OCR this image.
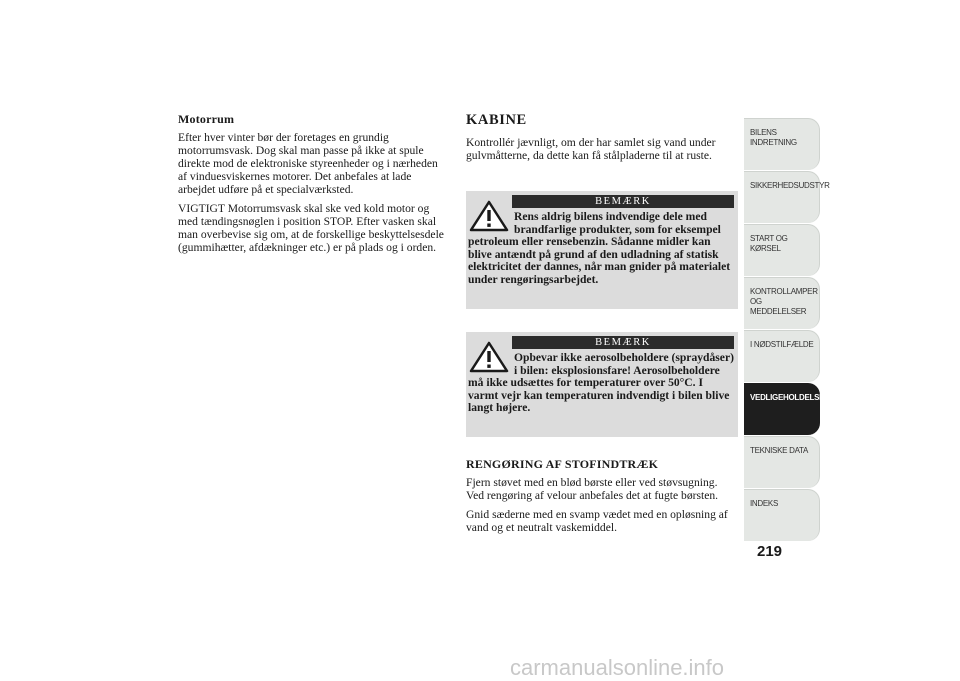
Motorrum

Efter hver vinter bør der foretages en grundig motorrumsvask. Dog skal man passe på ikke at spule direkte mod de elektroniske styreenheder og i nærheden af vinduesviskernes motorer. Det anbefales at lade arbejdet udføre på et specialværksted.

VIGTIGT Motorrumsvask skal ske ved kold motor og med tændingsnøglen i position STOP. Efter vasken skal man overbevise sig om, at de forskellige beskyttelsesdele (gummihætter, afdækninger etc.) er på plads og i orden.

KABINE

Kontrollér jævnligt, om der har samlet sig vand under gulvmåtterne, da dette kan få stålpladerne til at ruste.

BEMÆRK
Rens aldrig bilens indvendige dele med brandfarlige produkter, som for eksempel petroleum eller rensebenzin. Sådanne midler kan blive antændt på grund af den udladning af statisk elektricitet der dannes, når man gnider på materialet under rengøringsarbejdet.
BEMÆRK
Opbevar ikke aerosolbeholdere (spraydåser) i bilen: eksplosionsfare! Aerosolbeholdere må ikke udsættes for temperaturer over 50°C. I varmt vejr kan temperaturen indvendigt i bilen blive langt højere.
RENGØRING AF STOFINDTRÆK

Fjern støvet med en blød børste eller ved støvsugning. Ved rengøring af velour anbefales det at fugte børsten.

Gnid sæderne med en svamp vædet med en opløsning af vand og et neutralt vaskemiddel.

BILENS INDRETNING
SIKKERHEDSUDSTYR
START OG KØRSEL
KONTROLLAMPER OG MEDDELELSER
I NØDSTILFÆLDE
VEDLIGEHOLDELSE
TEKNISKE DATA
INDEKS
219
carmanualsonline.info
